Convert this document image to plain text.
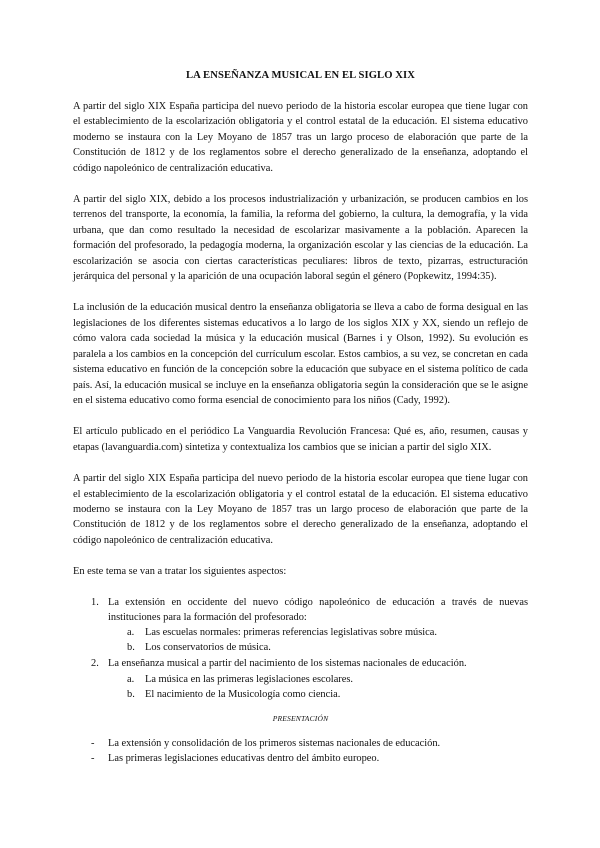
LA ENSEÑANZA MUSICAL EN EL SIGLO XIX

A partir del siglo XIX España participa del nuevo periodo de la historia escolar europea que tiene lugar con el establecimiento de la escolarización obligatoria y el control estatal de la educación. El sistema educativo moderno se instaura con la Ley Moyano de 1857 tras un largo proceso de elaboración que parte de la Constitución de 1812 y de los reglamentos sobre el derecho generalizado de la enseñanza, adoptando el código napoleónico de centralización educativa.

A partir del siglo XIX, debido a los procesos industrialización y urbanización, se producen cambios en los terrenos del transporte, la economía, la familia, la reforma del gobierno, la cultura, la demografía, y la vida urbana, que dan como resultado la necesidad de escolarizar masivamente a la población. Aparecen la formación del profesorado, la pedagogía moderna, la organización escolar y las ciencias de la educación. La escolarización se asocia con ciertas características peculiares: libros de texto, pizarras, estructuración jerárquica del personal y la aparición de una ocupación laboral según el género (Popkewitz, 1994:35).

La inclusión de la educación musical dentro la enseñanza obligatoria se lleva a cabo de forma desigual en las legislaciones de los diferentes sistemas educativos a lo largo de los siglos XIX y XX, siendo un reflejo de cómo valora cada sociedad la música y la educación musical (Barnes i y Olson, 1992). Su evolución es paralela a los cambios en la concepción del currículum escolar. Estos cambios, a su vez, se concretan en cada sistema educativo en función de la concepción sobre la educación que subyace en el sistema político de cada país. Así, la educación musical se incluye en la enseñanza obligatoria según la consideración que se le asigne en el sistema educativo como forma esencial de conocimiento para los niños (Cady, 1992).

El artículo publicado en el periódico La Vanguardia Revolución Francesa: Qué es, año, resumen, causas y etapas (lavanguardia.com) sintetiza y contextualiza los cambios que se inician a partir del siglo XIX.

A partir del siglo XIX España participa del nuevo periodo de la historia escolar europea que tiene lugar con el establecimiento de la escolarización obligatoria y el control estatal de la educación. El sistema educativo moderno se instaura con la Ley Moyano de 1857 tras un largo proceso de elaboración que parte de la Constitución de 1812 y de los reglamentos sobre el derecho generalizado de la enseñanza, adoptando el código napoleónico de centralización educativa.

En este tema se van a tratar los siguientes aspectos:

1. La extensión en occidente del nuevo código napoleónico de educación a través de nuevas instituciones para la formación del profesorado:
a. Las escuelas normales: primeras referencias legislativas sobre música.
b. Los conservatorios de música.
2. La enseñanza musical a partir del nacimiento de los sistemas nacionales de educación.
a. La música en las primeras legislaciones escolares.
b. El nacimiento de la Musicología como ciencia.
PRESENTACIÓN
- La extensión y consolidación de los primeros sistemas nacionales de educación.
- Las primeras legislaciones educativas dentro del ámbito europeo.
